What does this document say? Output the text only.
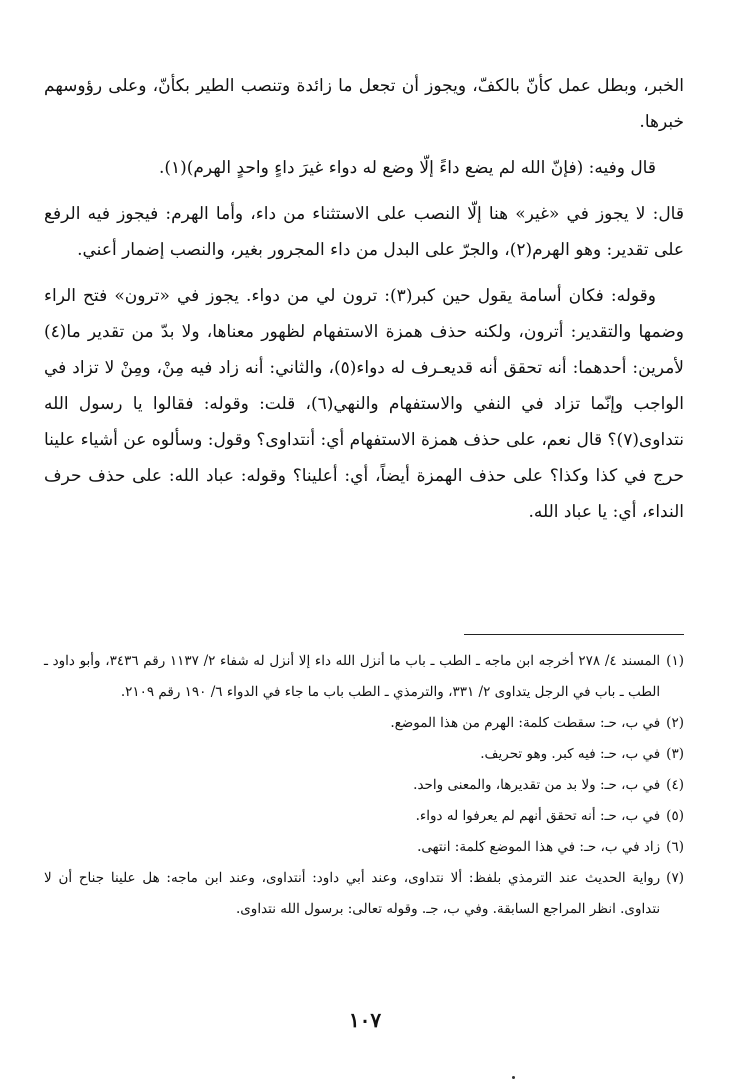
الخبر، وبطل عمل كأنّ بالكفّ، ويجوز أن تجعل ما زائدة وتنصب الطير بكأنّ، وعلى رؤوسهم خبرها.

قال وفيه: (فإنّ الله لم يضع داءً إلّا وضع له دواء غيرَ داءٍ واحدٍ الهرم)(١).

قال: لا يجوز في «غير» هنا إلّا النصب على الاستثناء من داء، وأما الهرم: فيجوز فيه الرفع على تقدير: وهو الهرم(٢)، والجرّ على البدل من داء المجرور بغير، والنصب إضمار أعني.

وقوله: فكان أسامة يقول حين كبر(٣): ترون لي من دواء. يجوز في «ترون» فتح الراء وضمها والتقدير: أترون، ولكنه حذف همزة الاستفهام لظهور معناها، ولا بدّ من تقدير ما(٤) لأمرين: أحدهما: أنه تحقق أنه قديعـرف له دواء(٥)، والثاني: أنه زاد فيه مِنْ، ومِنْ لا تزاد في الواجب وإنّما تزاد في النفي والاستفهام والنهي(٦)، قلت: وقوله: فقالوا يا رسول الله نتداوى(٧)؟ قال نعم، على حذف همزة الاستفهام أي: أنتداوى؟ وقول: وسألوه عن أشياء علينا حرج في كذا وكذا؟ على حذف الهمزة أيضاً، أي: أعلينا؟ وقوله: عباد الله: على حذف حرف النداء، أي: يا عباد الله.

(١)
المسند ٤/ ٢٧٨ أخرجه ابن ماجه ـ الطب ـ باب ما أنزل الله داء إلا أنزل له شفاء ٢/ ١١٣٧ رقم ٣٤٣٦، وأبو داود ـ الطب ـ باب في الرجل يتداوى ٢/ ٣٣١، والترمذي ـ الطب باب ما جاء في الدواء ٦/ ١٩٠ رقم ٢١٠٩.
(٢)
في ب، حـ: سقطت كلمة: الهرم من هذا الموضع.
(٣)
في ب، حـ: فيه كبر. وهو تحريف.
(٤)
في ب، حـ: ولا بد من تقديرها، والمعنى واحد.
(٥)
في ب، حـ: أنه تحقق أنهم لم يعرفوا له دواء.
(٦)
زاد في ب، حـ: في هذا الموضع كلمة: انتهى.
(٧)
رواية الحديث عند الترمذي بلفظ: ألا نتداوى، وعند أبي داود: أنتداوى، وعند ابن ماجه: هل علينا جناح أن لا نتداوى. انظر المراجع السابقة. وفي ب، جـ. وقوله تعالى: برسول الله نتداوى.
١٠٧
